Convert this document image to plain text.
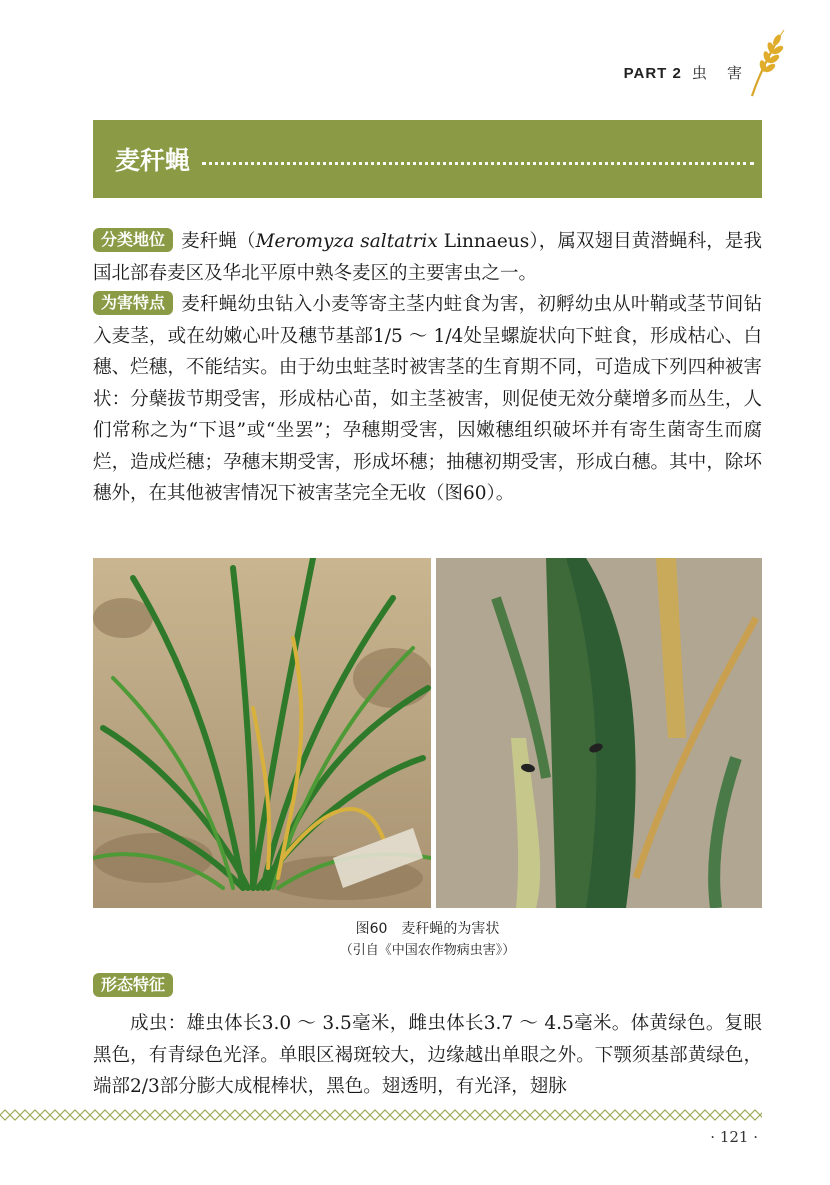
PART 2 虫 害
麦秆蝇
分类地位 麦秆蝇（Meromyza saltatrix Linnaeus），属双翅目黄潜蝇科，是我国北部春麦区及华北平原中熟冬麦区的主要害虫之一。
为害特点 麦秆蝇幼虫钻入小麦等寄主茎内蛀食为害，初孵幼虫从叶鞘或茎节间钻入麦茎，或在幼嫩心叶及穗节基部1/5 ～ 1/4处呈螺旋状向下蛀食，形成枯心、白穗、烂穗，不能结实。由于幼虫蛀茎时被害茎的生育期不同，可造成下列四种被害状：分蘖拔节期受害，形成枯心苗，如主茎被害，则促使无效分蘖增多而丛生，人们常称之为“下退”或“坐罢”；孕穗期受害，因嫩穗组织破坏并有寄生菌寄生而腐烂，造成烂穗；孕穗末期受害，形成坏穗；抽穗初期受害，形成白穗。其中，除坏穗外，在其他被害情况下被害茎完全无收（图60）。
图60　麦秆蝇的为害状
（引自《中国农作物病虫害》）
形态特征
成虫：雄虫体长3.0 ～ 3.5毫米，雌虫体长3.7 ～ 4.5毫米。体黄绿色。复眼黑色，有青绿色光泽。单眼区褐斑较大，边缘越出单眼之外。下颚须基部黄绿色，端部2/3部分膨大成棍棒状，黑色。翅透明，有光泽，翅脉
· 121 ·
